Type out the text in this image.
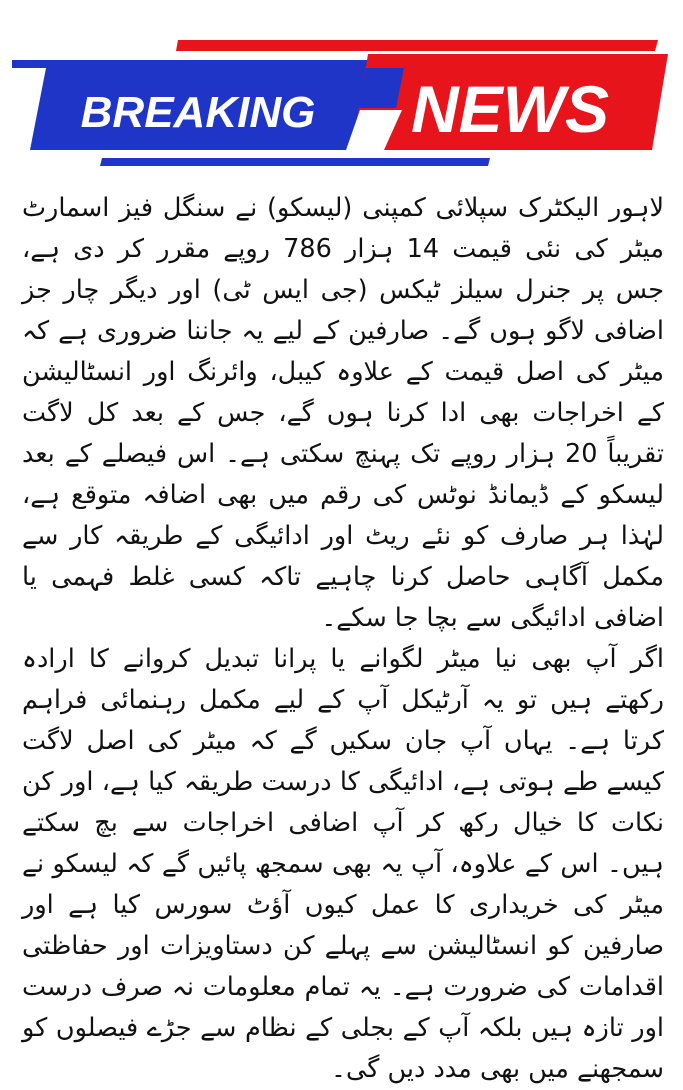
BREAKING NEWS

لاہور الیکٹرک سپلائی کمپنی (لیسکو) نے سنگل فیز اسمارٹ میٹر کی نئی قیمت 14 ہزار 786 روپے مقرر کر دی ہے، جس پر جنرل سیلز ٹیکس (جی ایس ٹی) اور دیگر چار جز اضافی لاگو ہوں گے۔ صارفین کے لیے یہ جاننا ضروری ہے کہ میٹر کی اصل قیمت کے علاوہ کیبل، وائرنگ اور انسٹالیشن کے اخراجات بھی ادا کرنا ہوں گے، جس کے بعد کل لاگت تقریباً 20 ہزار روپے تک پہنچ سکتی ہے۔ اس فیصلے کے بعد لیسکو کے ڈیمانڈ نوٹس کی رقم میں بھی اضافہ متوقع ہے، لہٰذا ہر صارف کو نئے ریٹ اور ادائیگی کے طریقہ کار سے مکمل آگاہی حاصل کرنا چاہیے تاکہ کسی غلط فہمی یا اضافی ادائیگی سے بچا جا سکے۔

اگر آپ بھی نیا میٹر لگوانے یا پرانا تبدیل کروانے کا ارادہ رکھتے ہیں تو یہ آرٹیکل آپ کے لیے مکمل رہنمائی فراہم کرتا ہے۔ یہاں آپ جان سکیں گے کہ میٹر کی اصل لاگت کیسے طے ہوتی ہے، ادائیگی کا درست طریقہ کیا ہے، اور کن نکات کا خیال رکھ کر آپ اضافی اخراجات سے بچ سکتے ہیں۔ اس کے علاوہ، آپ یہ بھی سمجھ پائیں گے کہ لیسکو نے میٹر کی خریداری کا عمل کیوں آؤٹ سورس کیا ہے اور صارفین کو انسٹالیشن سے پہلے کن دستاویزات اور حفاظتی اقدامات کی ضرورت ہے۔ یہ تمام معلومات نہ صرف درست اور تازہ ہیں بلکہ آپ کے بجلی کے نظام سے جڑے فیصلوں کو سمجھنے میں بھی مدد دیں گی۔
